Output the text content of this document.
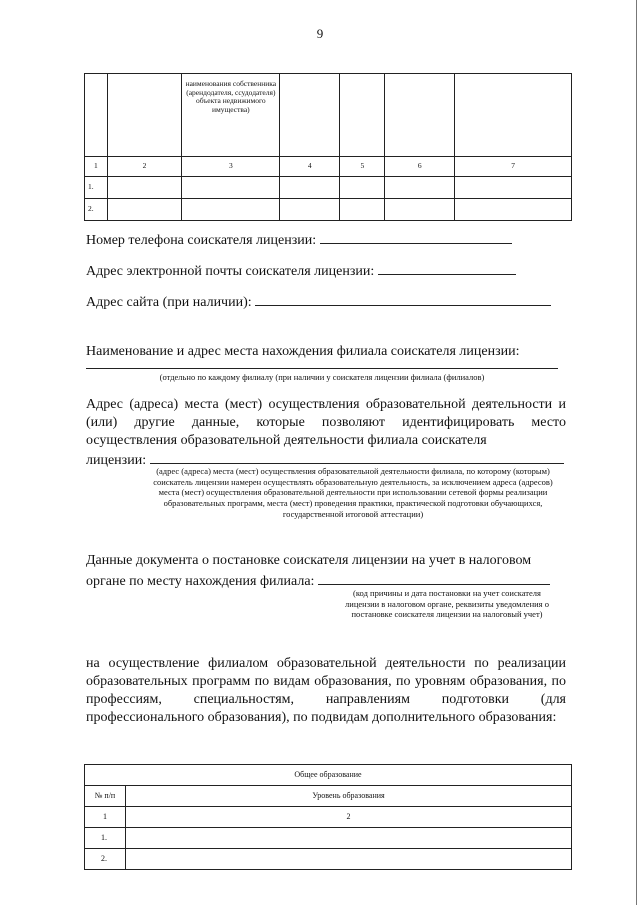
9
		наименования собственника (арендодателя, ссудодателя) объекта недвижимого имущества)				
1	2	3	4	5	6	7
1.						
2.						
Номер телефона соискателя лицензии:
Адрес электронной почты соискателя лицензии:
Адрес сайта (при наличии):
Наименование и адрес места нахождения филиала соискателя лицензии:
(отдельно по каждому филиалу (при наличии у соискателя лицензии филиала (филиалов)
Адрес (адреса) места (мест) осуществления образовательной деятельности и (или) другие данные, которые позволяют идентифицировать место осуществления образовательной деятельности филиала соискателя
лицензии:
(адрес (адреса) места (мест) осуществления образовательной деятельности филиала, по которому (которым) соискатель лицензии намерен осуществлять образовательную деятельность, за исключением адреса (адресов) места (мест) осуществления образовательной деятельности при использовании сетевой формы реализации образовательных программ, места (мест) проведения практики, практической подготовки обучающихся, государственной итоговой аттестации)
Данные документа о постановке соискателя лицензии на учет в налоговом
органе по месту нахождения филиала:
(код причины и дата постановки на учет соискателя лицензии в налоговом органе, реквизиты уведомления о постановке соискателя лицензии на налоговый учет)
на осуществление филиалом образовательной деятельности по реализации образовательных программ по видам образования, по уровням образования, по профессиям, специальностям, направлениям подготовки (для профессионального образования), по подвидам дополнительного образования:
Общее образование	
№ п/п	Уровень образования
1	2
1.	
2.	
